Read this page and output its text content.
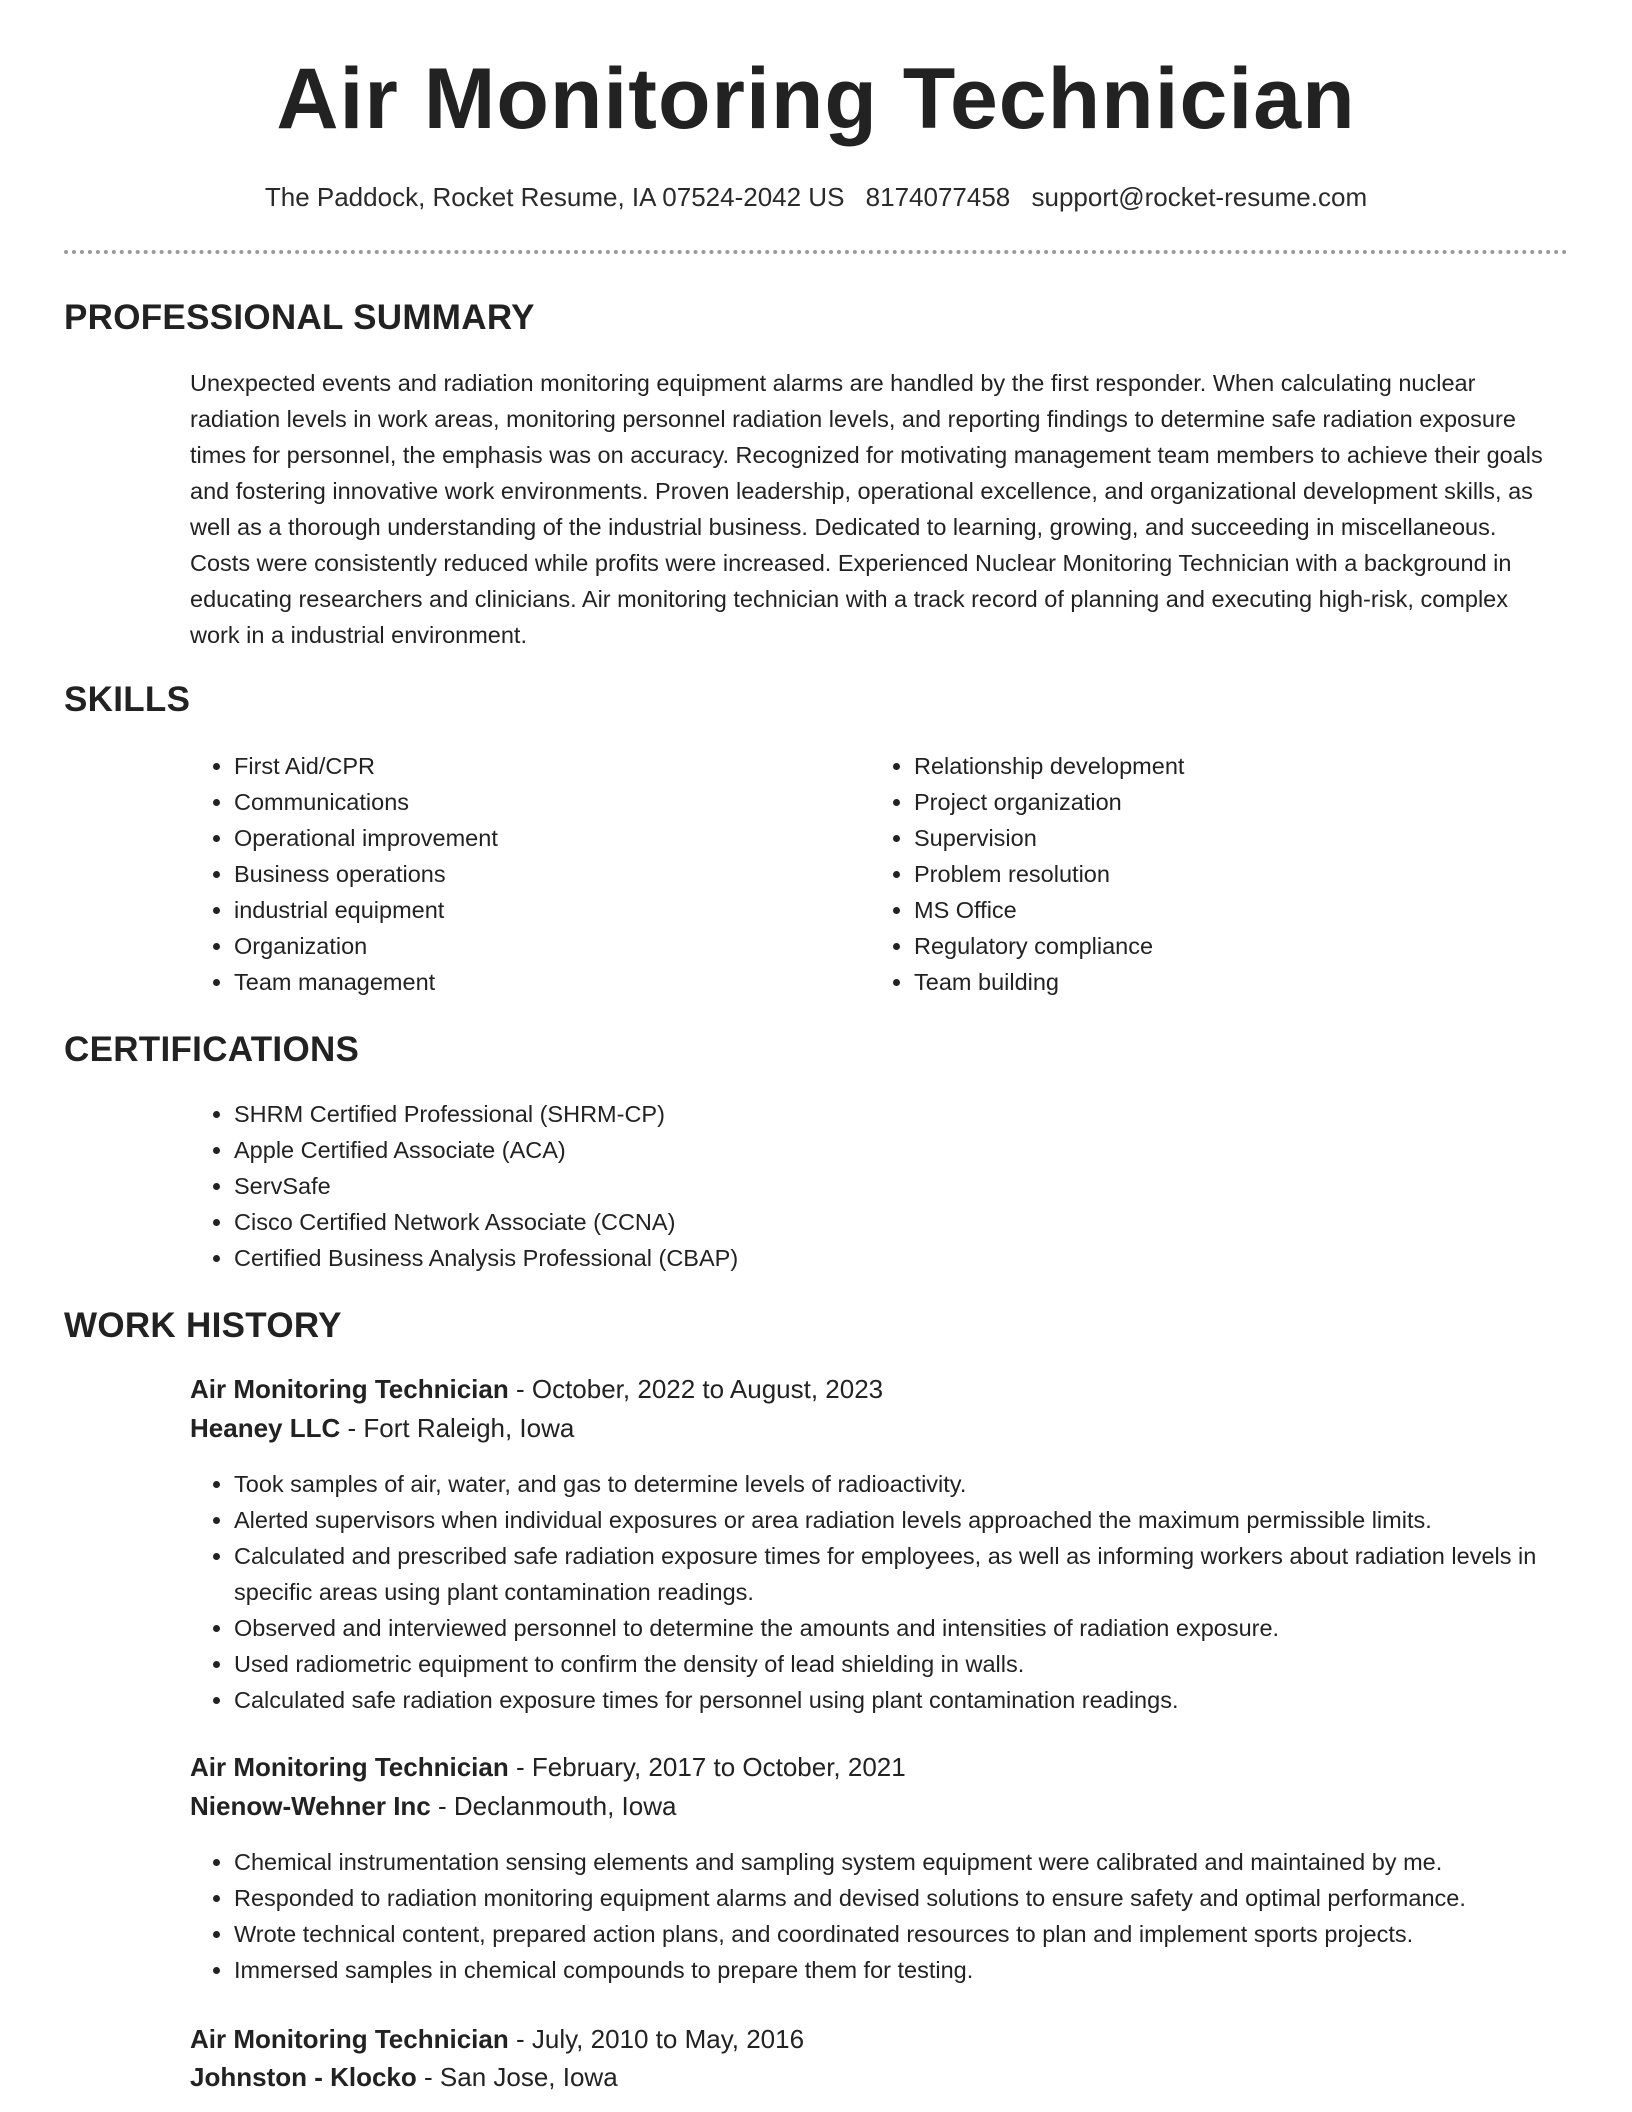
Air Monitoring Technician
The Paddock, Rocket Resume, IA 07524-2042 US 8174077458 support@rocket-resume.com
PROFESSIONAL SUMMARY

Unexpected events and radiation monitoring equipment alarms are handled by the first responder. When calculating nuclear radiation levels in work areas, monitoring personnel radiation levels, and reporting findings to determine safe radiation exposure times for personnel, the emphasis was on accuracy. Recognized for motivating management team members to achieve their goals and fostering innovative work environments. Proven leadership, operational excellence, and organizational development skills, as well as a thorough understanding of the industrial business. Dedicated to learning, growing, and succeeding in miscellaneous. Costs were consistently reduced while profits were increased. Experienced Nuclear Monitoring Technician with a background in educating researchers and clinicians. Air monitoring technician with a track record of planning and executing high-risk, complex work in a industrial environment.

SKILLS
• First Aid/CPR
• Communications
• Operational improvement
• Business operations
• industrial equipment
• Organization
• Team management
• Relationship development
• Project organization
• Supervision
• Problem resolution
• MS Office
• Regulatory compliance
• Team building
CERTIFICATIONS
• SHRM Certified Professional (SHRM-CP)
• Apple Certified Associate (ACA)
• ServSafe
• Cisco Certified Network Associate (CCNA)
• Certified Business Analysis Professional (CBAP)
WORK HISTORY
Air Monitoring Technician - October, 2022 to August, 2023
Heaney LLC - Fort Raleigh, Iowa
• Took samples of air, water, and gas to determine levels of radioactivity.
• Alerted supervisors when individual exposures or area radiation levels approached the maximum permissible limits.
• Calculated and prescribed safe radiation exposure times for employees, as well as informing workers about radiation levels in specific areas using plant contamination readings.
• Observed and interviewed personnel to determine the amounts and intensities of radiation exposure.
• Used radiometric equipment to confirm the density of lead shielding in walls.
• Calculated safe radiation exposure times for personnel using plant contamination readings.
Air Monitoring Technician - February, 2017 to October, 2021
Nienow-Wehner Inc - Declanmouth, Iowa
• Chemical instrumentation sensing elements and sampling system equipment were calibrated and maintained by me.
• Responded to radiation monitoring equipment alarms and devised solutions to ensure safety and optimal performance.
• Wrote technical content, prepared action plans, and coordinated resources to plan and implement sports projects.
• Immersed samples in chemical compounds to prepare them for testing.
Air Monitoring Technician - July, 2010 to May, 2016
Johnston - Klocko - San Jose, Iowa
